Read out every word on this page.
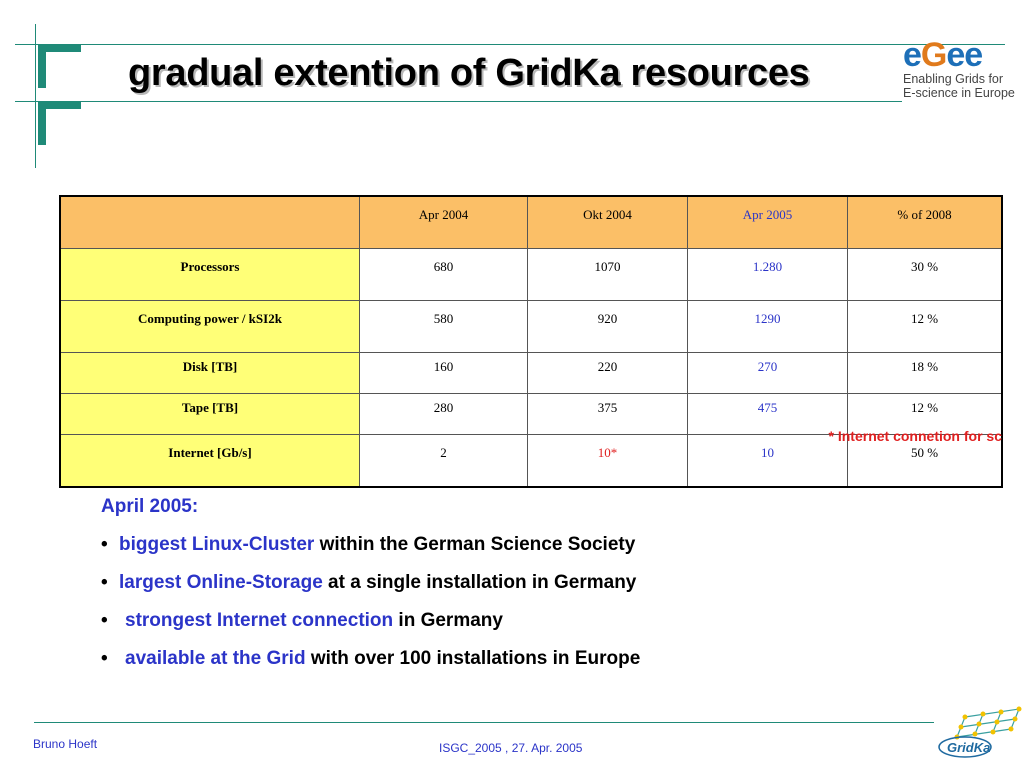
gradual extention of GridKa resources	eGee
Enabling Grids for
E-science in Europe
	Apr 2004	Okt 2004	Apr 2005	% of 2008
Processors	680	1070	1.280	30 %
Computing power / kSI2k	580	920	1290	12 %
Disk [TB]	160	220	270	18 %
Tape [TB]	280	375	475	12 %
Internet [Gb/s]	2	10*	10	50 %
* Internet connetion for sc
April 2005:
• biggest Linux-Cluster within the German Science Society
• largest Online-Storage at a single installation in Germany
• strongest Internet connection in Germany
• available at the Grid with over 100 installations in Europe
Bruno Hoeft	ISGC_2005 , 27. Apr. 2005	GridKa
